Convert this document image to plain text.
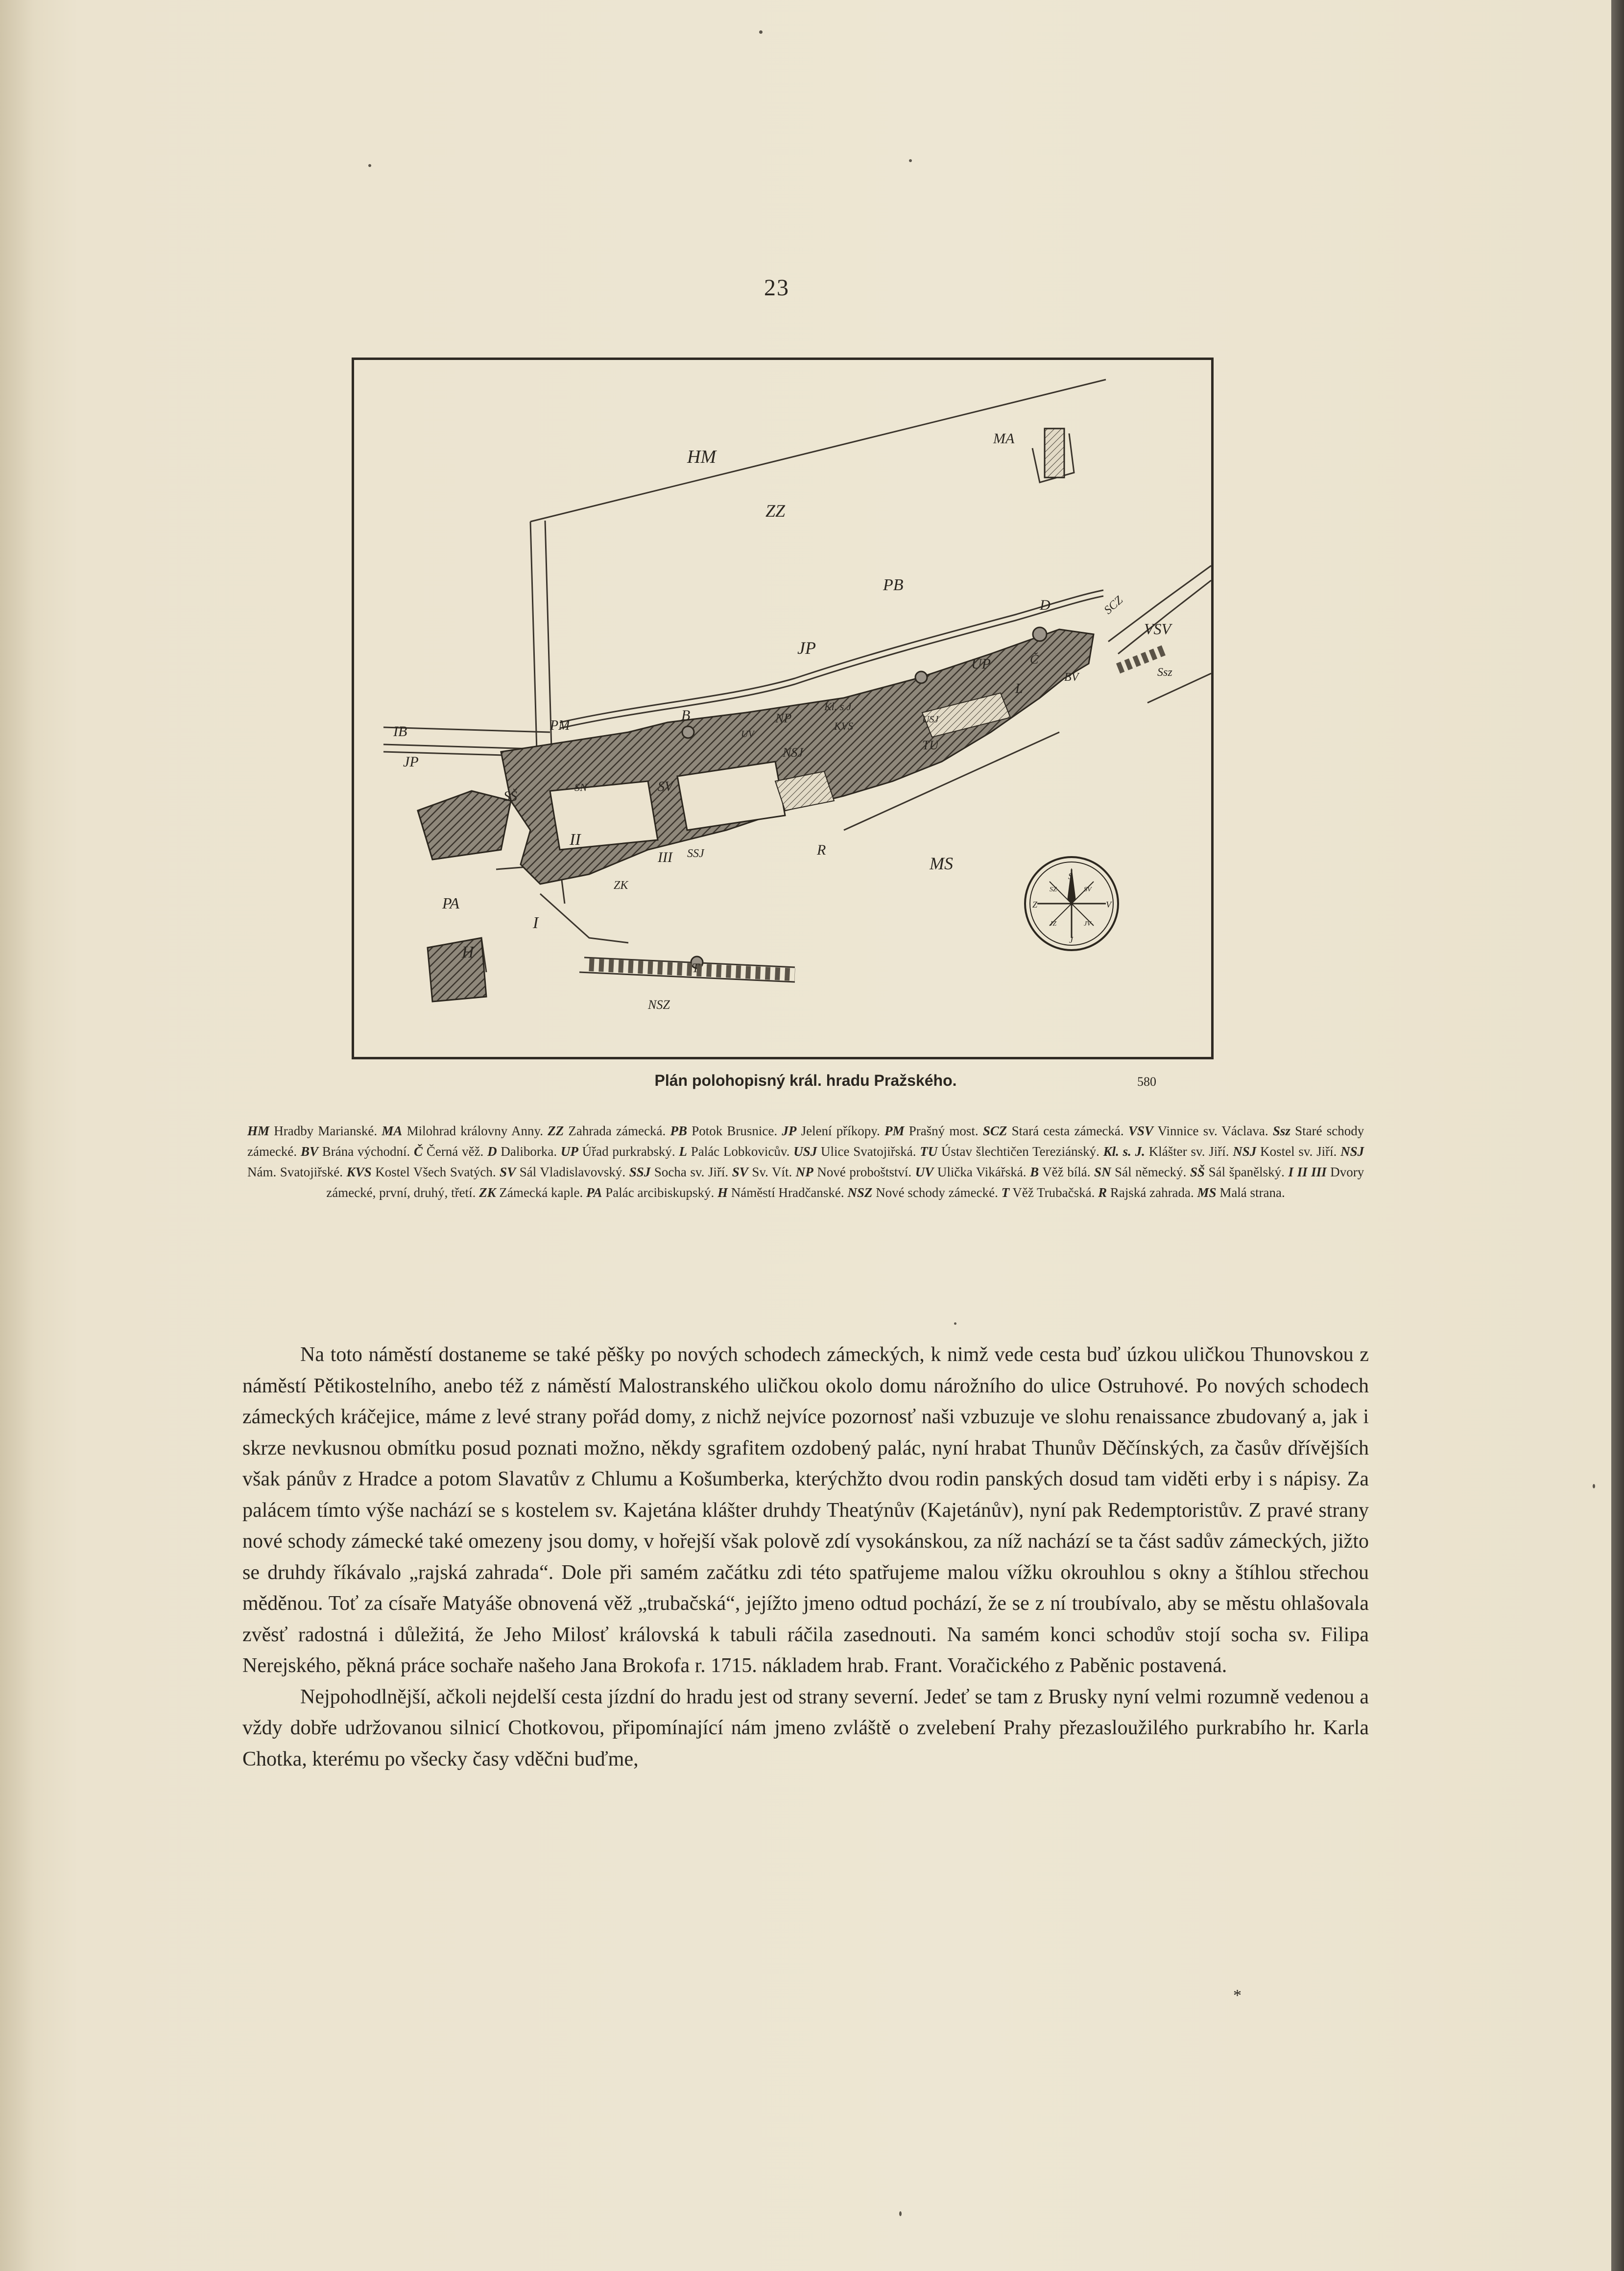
23
HM
MA
ZZ
PB
JP
D	SCZ
VSV
Ssz
BV
UP	Č
L
NP
Kl. s J.
KVS
TU
UV
NSJ
USJ
B
IB
JP
PM
SŠ
SN	SV
II
III SSJ
ZK
R
MS
PA
I
H
T
NSZ
S
J
Z	V
SZ	SV
JZ	JV
Plán polohopisný král. hradu Pražského.	580
HM Hradby Marianské. MA Milohrad královny Anny. ZZ Zahrada zámecká. PB Potok Brusnice. JP Jelení příkopy. PM Prašný most. SCZ Stará cesta zámecká. VSV Vinnice sv. Václava. Ssz Staré schody zámecké. BV Brána východní. Č Černá věž. D Daliborka. UP Úřad purkrabský. L Palác Lobkovicův. USJ Ulice Svatojiřská. TU Ústav šlechtičen Tereziánský. Kl. s. J. Klášter sv. Jiří. NSJ Kostel sv. Jiří. NSJ Nám. Svatojiřské. KVS Kostel Všech Svatých. SV Sál Vladislavovský. SSJ Socha sv. Jiří. SV Sv. Vít. NP Nové proboštství. UV Ulička Vikářská. B Věž bílá. SN Sál německý. SŠ Sál španělský. I II III Dvory zámecké, první, druhý, třetí. ZK Zámecká kaple. PA Palác arcibiskupský. H Náměstí Hradčanské. NSZ Nové schody zámecké. T Věž Trubačská. R Rajská zahrada. MS Malá strana.

Na toto náměstí dostaneme se také pěšky po nových schodech zámeckých, k nimž vede cesta buď úzkou uličkou Thunovskou z náměstí Pětikostelního, anebo též z náměstí Malostranského uličkou okolo domu nárožního do ulice Ostruhové. Po nových schodech zámeckých kráčejice, máme z levé strany pořád domy, z nichž nejvíce pozornosť naši vzbuzuje ve slohu renaissance zbudovaný a, jak i skrze nevkusnou obmítku posud poznati možno, někdy sgrafitem ozdobený palác, nyní hrabat Thunův Děčínských, za časův dřívějších však pánův z Hradce a potom Slavatův z Chlumu a Košumberka, kterýchžto dvou rodin panských dosud tam viděti erby i s nápisy. Za palácem tímto výše nachází se s kostelem sv. Kajetána klášter druhdy Theatýnův (Kajetánův), nyní pak Redemptoristův. Z pravé strany nové schody zámecké také omezeny jsou domy, v hořejší však polově zdí vysokánskou, za níž nachází se ta část sadův zámeckých, jižto se druhdy říkávalo „rajská zahrada“. Dole při samém začátku zdi této spatřujeme malou vížku okrouhlou s okny a štíhlou střechou měděnou. Toť za císaře Matyáše obnovená věž „trubačská“, jejížto jmeno odtud pochází, že se z ní troubívalo, aby se městu ohlašovala zvěsť radostná i důležitá, že Jeho Milosť královská k tabuli ráčila zasednouti. Na samém konci schodův stojí socha sv. Filipa Nerejského, pěkná práce sochaře našeho Jana Brokofa r. 1715. nákladem hrab. Frant. Voračického z Paběnic postavená.

Nejpohodlnější, ačkoli nejdelší cesta jízdní do hradu jest od strany severní. Jedeť se tam z Brusky nyní velmi rozumně vedenou a vždy dobře udržovanou silnicí Chotkovou, připomínající nám jmeno zvláště o zvelebení Prahy přezasloužilého purkrabího hr. Karla Chotka, kterému po všecky časy vděčni buďme,

*
